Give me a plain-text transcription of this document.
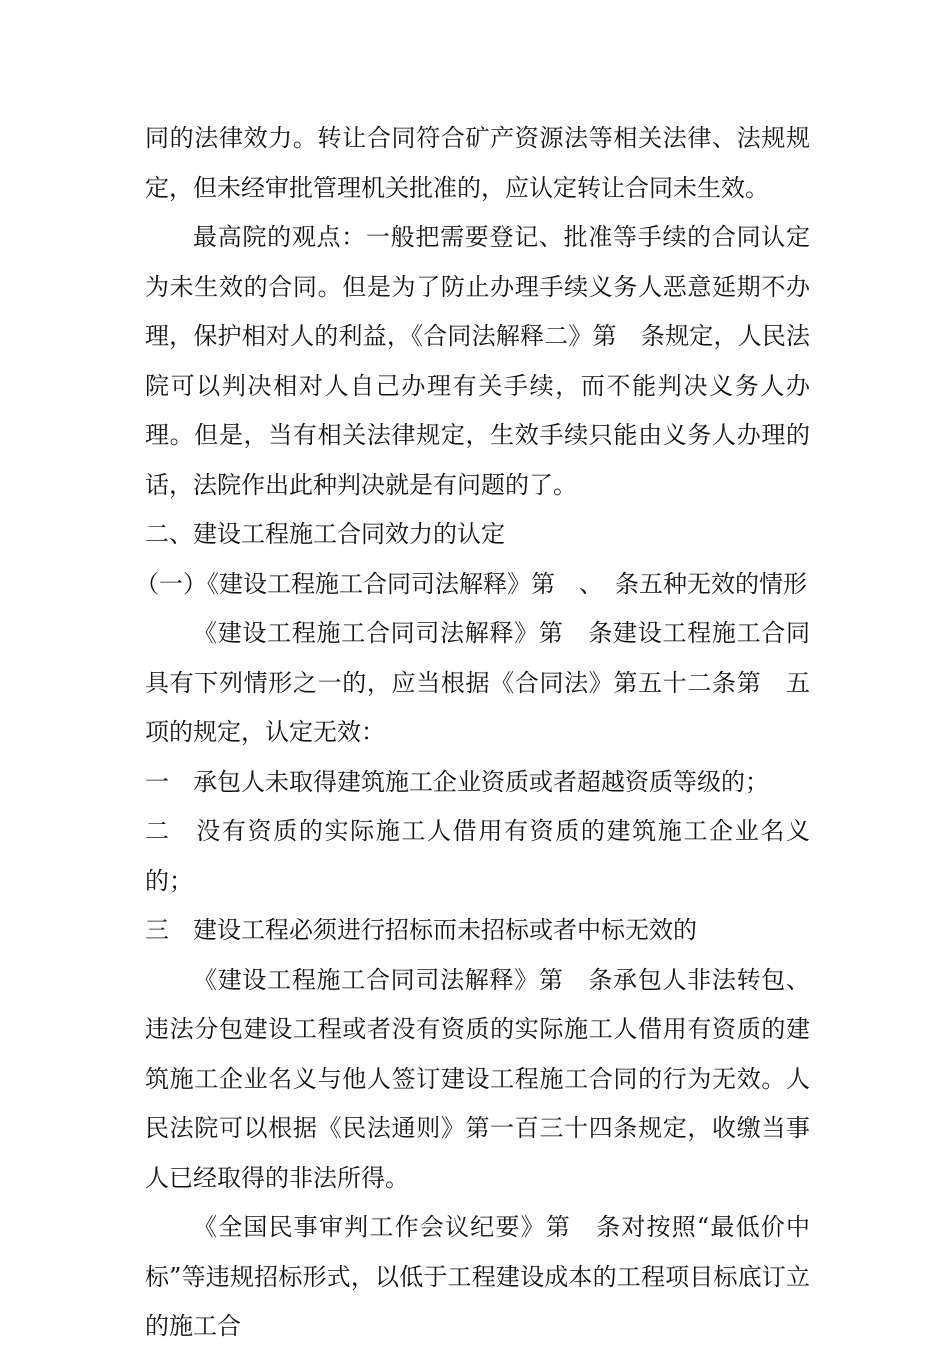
同的法律效力。转让合同符合矿产资源法等相关法律、法规规定，但未经审批管理机关批准的，应认定转让合同未生效。

最高院的观点：一般把需要登记、批准等手续的合同认定为未生效的合同。但是为了防止办理手续义务人恶意延期不办理，保护相对人的利益，《合同法解释二》第　条规定，人民法院可以判决相对人自己办理有关手续，而不能判决义务人办理。但是，当有相关法律规定，生效手续只能由义务人办理的话，法院作出此种判决就是有问题的了。

二、建设工程施工合同效力的认定

（一）《建设工程施工合同司法解释》第　、　条五种无效的情形

《建设工程施工合同司法解释》第　条建设工程施工合同具有下列情形之一的，应当根据《合同法》第五十二条第　五　项的规定，认定无效：

一　承包人未取得建筑施工企业资质或者超越资质等级的；

二　没有资质的实际施工人借用有资质的建筑施工企业名义的；

三　建设工程必须进行招标而未招标或者中标无效的

《建设工程施工合同司法解释》第　条承包人非法转包、违法分包建设工程或者没有资质的实际施工人借用有资质的建筑施工企业名义与他人签订建设工程施工合同的行为无效。人民法院可以根据《民法通则》第一百三十四条规定，收缴当事人已经取得的非法所得。

《全国民事审判工作会议纪要》第　条对按照“最低价中标”等违规招标形式，以低于工程建设成本的工程项目标底订立的施工合
